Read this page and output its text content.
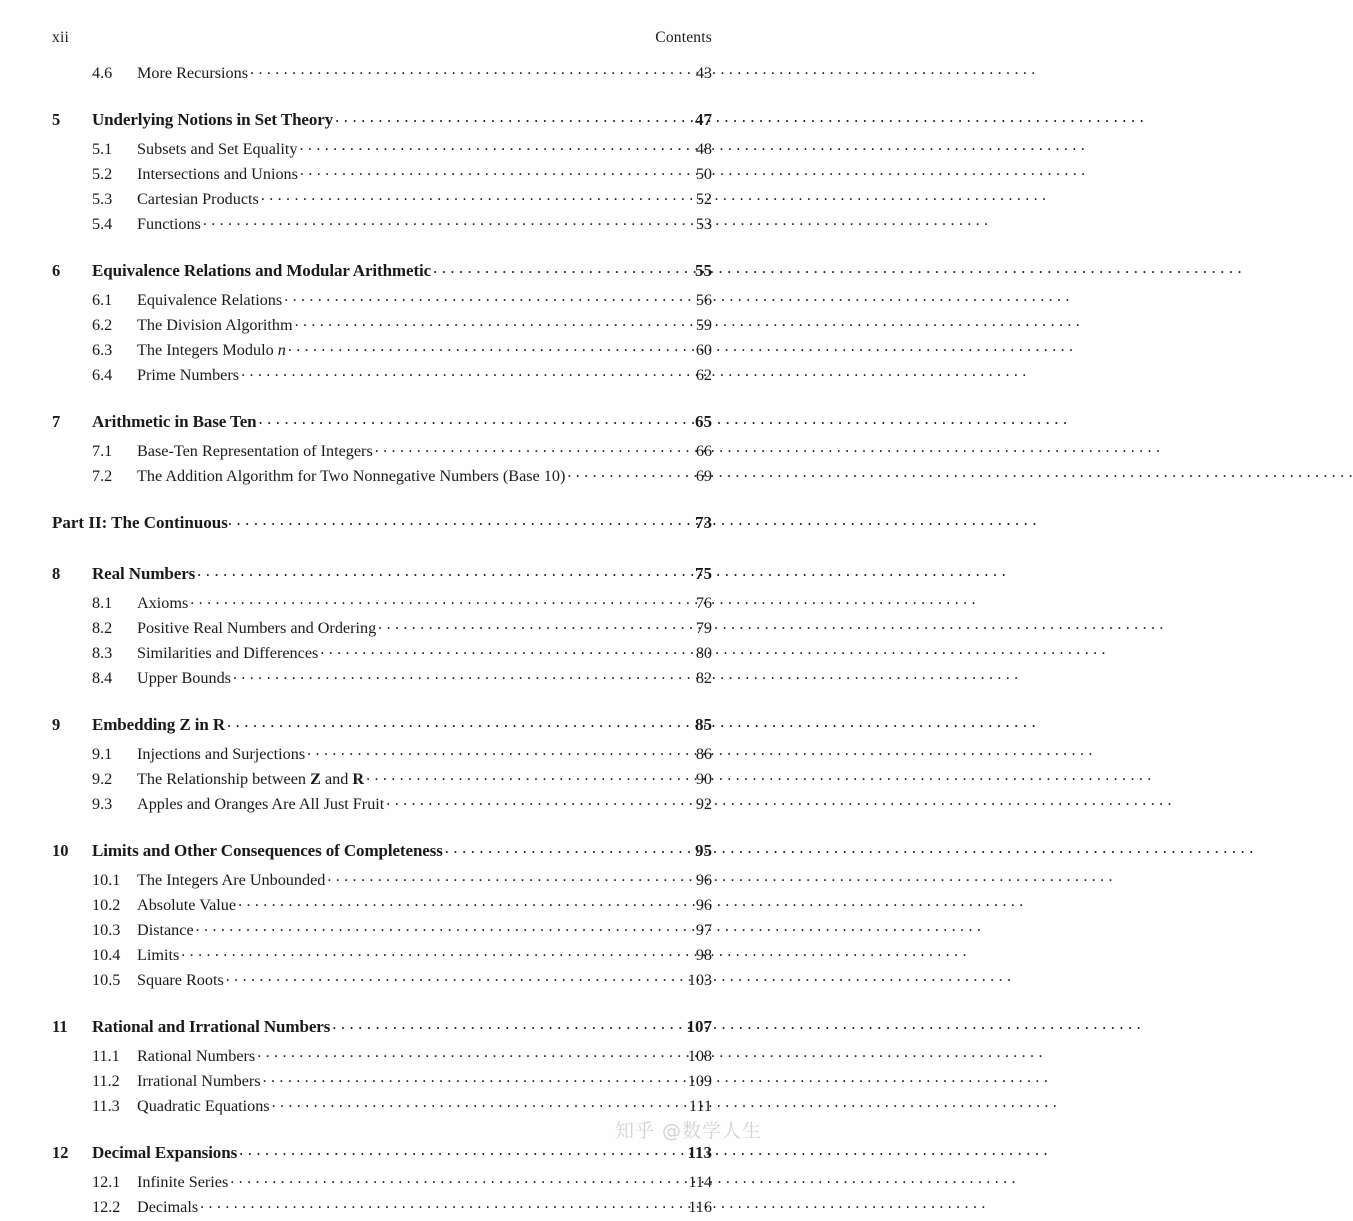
xii	Contents
4.6	More Recursions . . .	43
5	Underlying Notions in Set Theory . . .	47
5.1	Subsets and Set Equality . . .	48
5.2	Intersections and Unions . . .	50
5.3	Cartesian Products . . .	52
5.4	Functions . . .	53
6	Equivalence Relations and Modular Arithmetic . . .	55
6.1	Equivalence Relations . . .	56
6.2	The Division Algorithm . . .	59
6.3	The Integers Modulo n . . .	60
6.4	Prime Numbers . . .	62
7	Arithmetic in Base Ten . . .	65
7.1	Base-Ten Representation of Integers . . .	66
7.2	The Addition Algorithm for Two Nonnegative Numbers (Base 10) . . .	69
Part II: The Continuous . . .	73
8	Real Numbers . . .	75
8.1	Axioms . . .	76
8.2	Positive Real Numbers and Ordering . . .	79
8.3	Similarities and Differences . . .	80
8.4	Upper Bounds . . .	82
9	Embedding Z in R . . .	85
9.1	Injections and Surjections . . .	86
9.2	The Relationship between Z and R . . .	90
9.3	Apples and Oranges Are All Just Fruit . . .	92
10	Limits and Other Consequences of Completeness . . .	95
10.1	The Integers Are Unbounded . . .	96
10.2	Absolute Value . . .	96
10.3	Distance . . .	97
10.4	Limits . . .	98
10.5	Square Roots . . .	103
11	Rational and Irrational Numbers . . .	107
11.1	Rational Numbers . . .	108
11.2	Irrational Numbers . . .	109
11.3	Quadratic Equations . . .	111
12	Decimal Expansions . . .	113
12.1	Infinite Series . . .	114
12.2	Decimals . . .	116
知乎 @数学人生
